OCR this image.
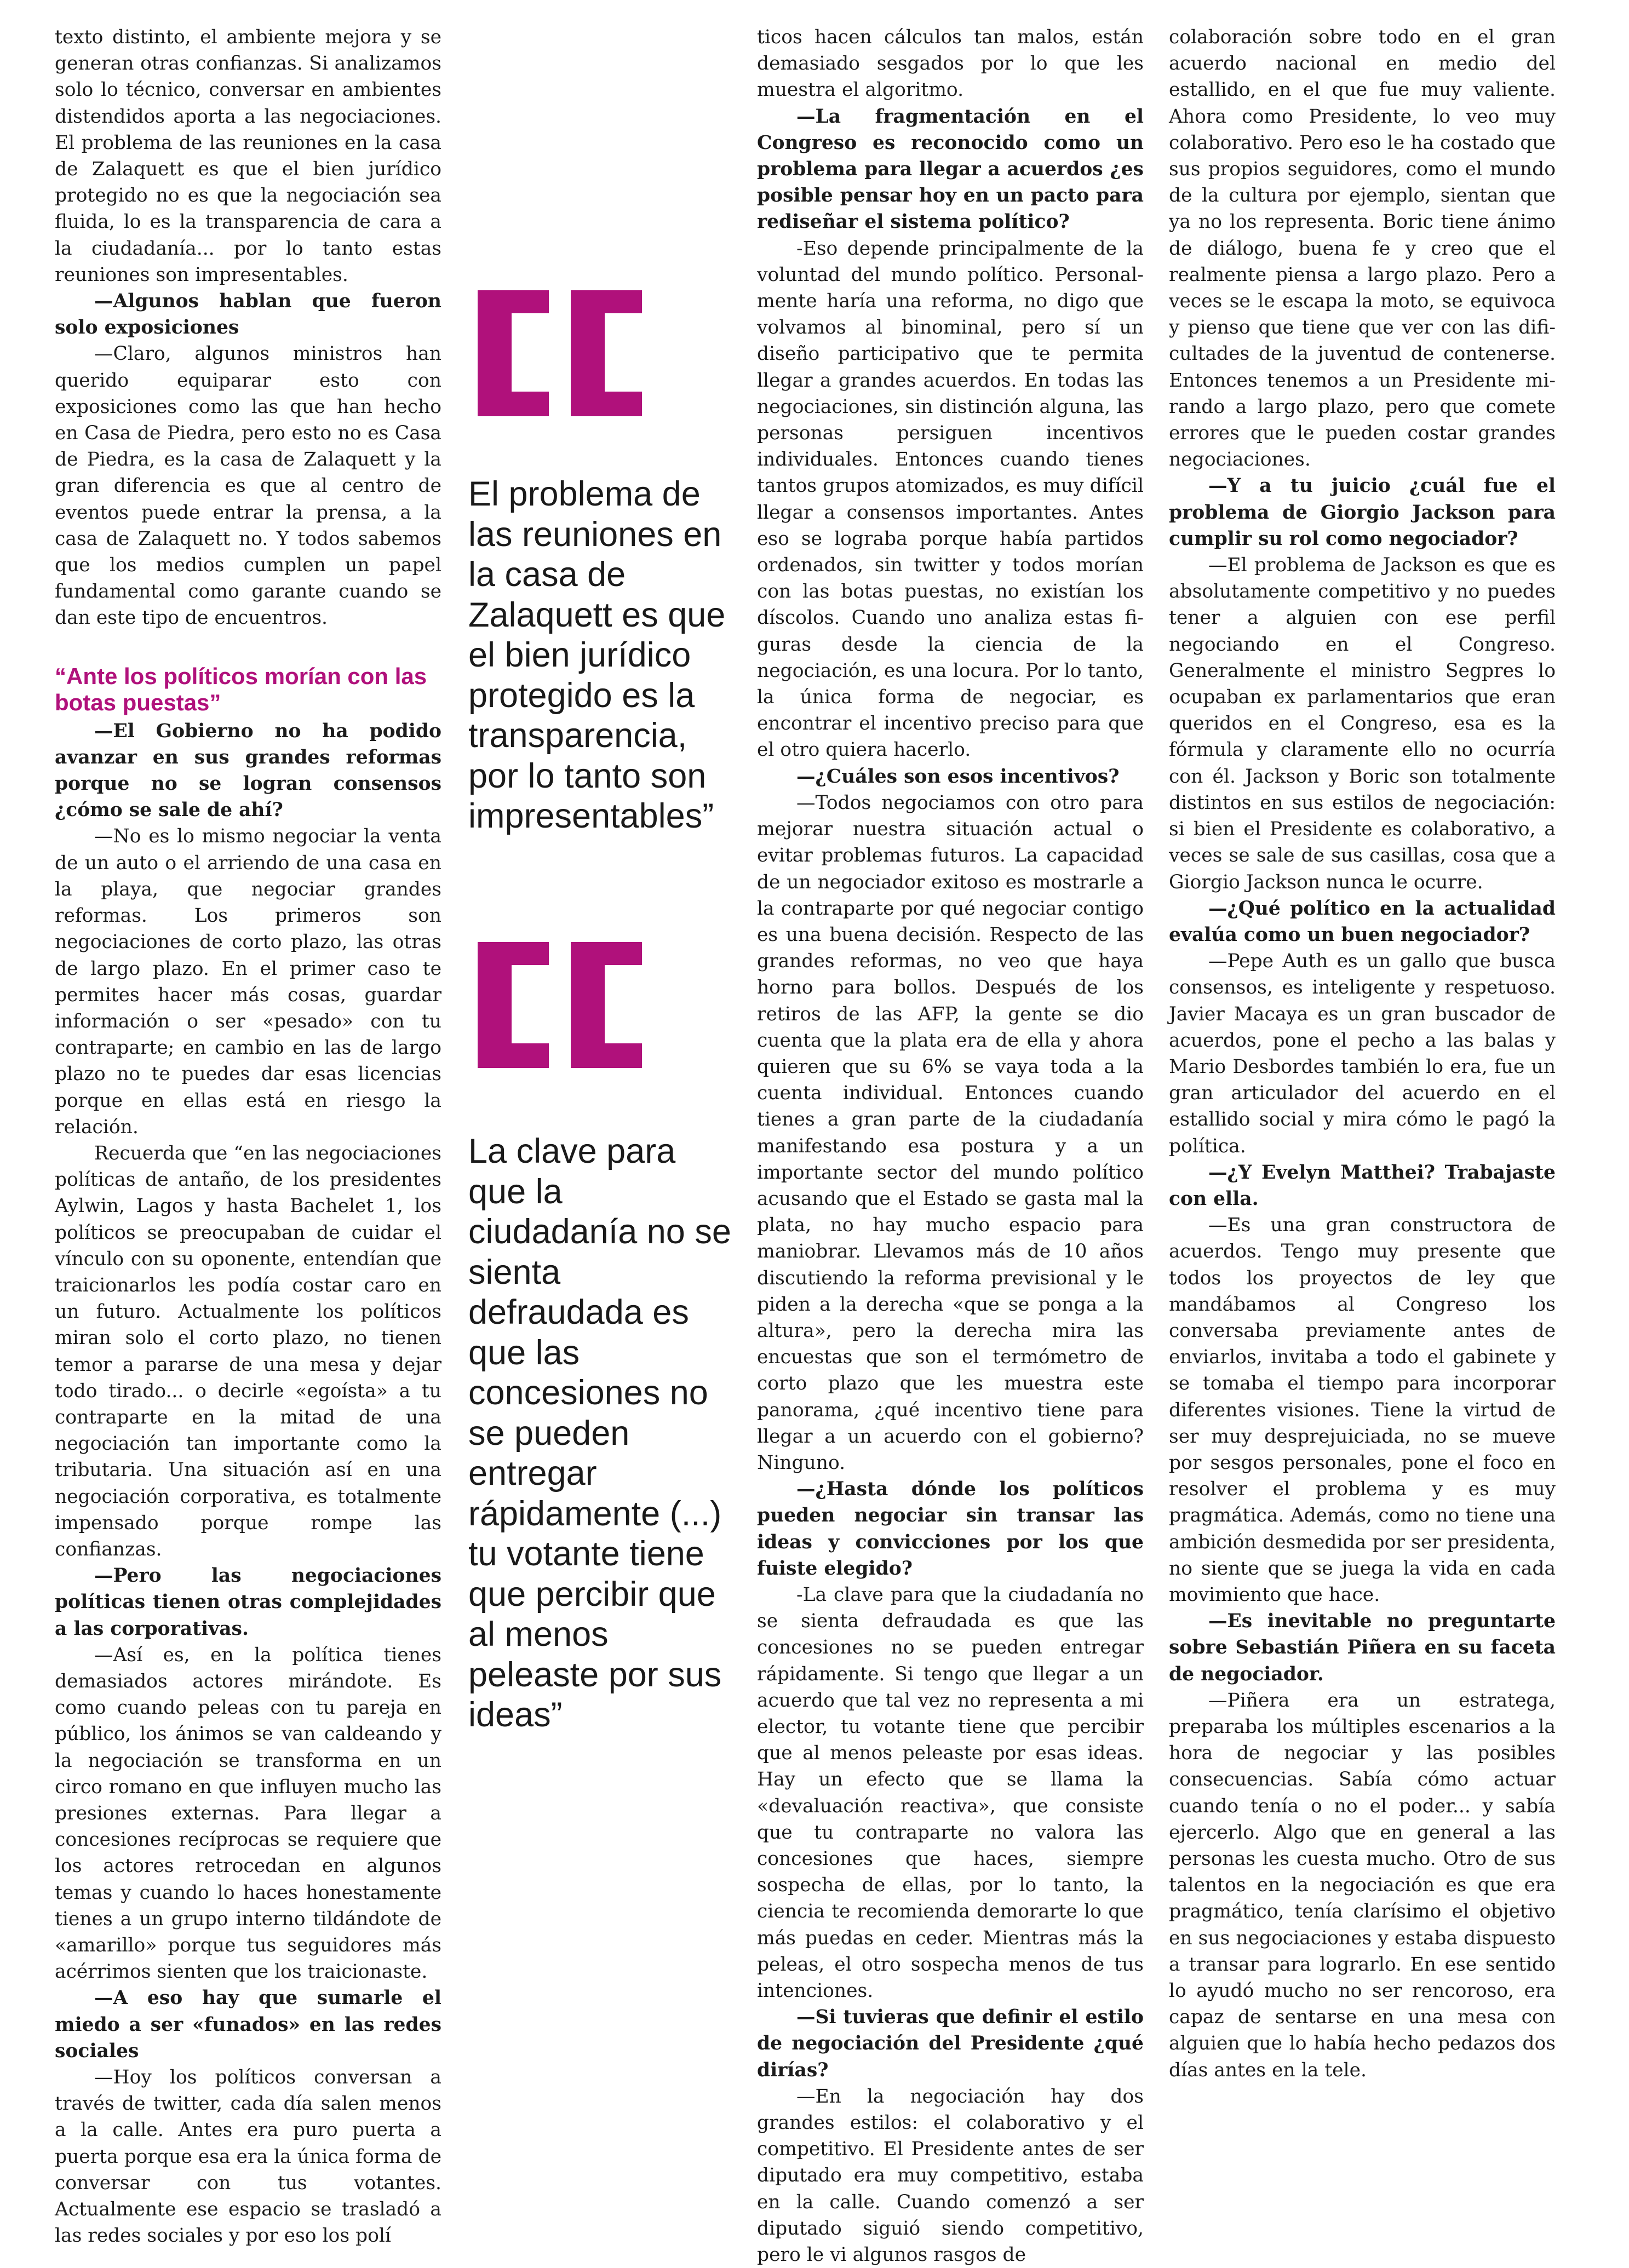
texto distinto, el ambiente mejora y se generan otras confianzas. Si analizamos solo lo técnico, conversar en ambientes distendidos aporta a las negociaciones. El problema de las reuniones en la casa de Zalaquett es que el bien jurídico protegido no es que la negociación sea fluida, lo es la transparencia de cara a la ciudadanía... por lo tanto estas reuniones son impresentables.

—Algunos hablan que fueron solo exposiciones

—Claro, algunos ministros han querido equiparar esto con exposiciones como las que han hecho en Casa de Piedra, pero esto no es Casa de Piedra, es la casa de Zalaquett y la gran diferencia es que al centro de eventos puede entrar la prensa, a la casa de Zalaquett no. Y todos sabemos que los medios cumplen un papel fundamental como garante cuando se dan este tipo de encuentros.

“Ante los políticos morían con las botas puestas”

—El Gobierno no ha podido avanzar en sus grandes reformas porque no se logran consensos ¿cómo se sale de ahí?

—No es lo mismo negociar la venta de un auto o el arriendo de una casa en la playa, que negociar grandes reformas. Los primeros son negociaciones de corto plazo, las otras de largo plazo. En el primer caso te permites hacer más cosas, guardar información o ser «pesado» con tu contraparte; en cambio en las de largo plazo no te puedes dar esas licencias porque en ellas está en riesgo la relación.

Recuerda que “en las negociaciones políticas de antaño, de los presidentes Aylwin, Lagos y hasta Bachelet 1, los políticos se preocupaban de cuidar el vínculo con su oponente, entendían que traicionarlos les podía costar caro en un futuro. Actualmente los políticos miran solo el corto plazo, no tienen temor a pararse de una mesa y dejar todo tirado... o decirle «egoísta» a tu contraparte en la mitad de una negociación tan importante como la tributaria. Una situación así en una negociación corporativa, es totalmente impensado porque rompe las confianzas.

—Pero las negociaciones políticas tienen otras complejidades a las corporativas.

—Así es, en la política tienes demasiados actores mirándote. Es como cuando peleas con tu pareja en público, los ánimos se van caldeando y la negociación se transforma en un circo romano en que influyen mucho las presiones externas. Para llegar a concesiones recíprocas se requiere que los actores retrocedan en algunos temas y cuando lo haces honestamente tienes a un grupo interno tildándote de «amarillo» porque tus seguidores más acérrimos sienten que los traicionaste.

—A eso hay que sumarle el miedo a ser «funados» en las redes sociales

—Hoy los políticos conversan a través de twitter, cada día salen menos a la calle. Antes era puro puerta a puerta porque esa era la única forma de conversar con tus votantes. Actualmente ese espacio se trasladó a las redes sociales y por eso los polí

El problema de las reuniones en la casa de Zalaquett es que el bien jurídico protegido es la transparencia, por lo tanto son impresentables”
La clave para que la ciudadanía no se sienta defraudada es que las concesiones no se pueden entregar rápidamente (...) tu votante tiene que percibir que al menos peleaste por sus ideas”

ticos hacen cálculos tan malos, están demasiado sesgados por lo que les muestra el algoritmo.

—La fragmentación en el Congreso es reconocido como un problema para llegar a acuerdos ¿es posible pensar hoy en un pacto para rediseñar el sistema político?

-Eso depende principalmente de la voluntad del mundo político. Personalmente haría una reforma, no digo que volvamos al binominal, pero sí un diseño participativo que te permita llegar a grandes acuerdos. En todas las negociaciones, sin distinción alguna, las personas persiguen incentivos individuales. Entonces cuando tienes tantos grupos atomizados, es muy difícil llegar a consensos importantes. Antes eso se lograba porque había partidos ordenados, sin twitter y todos morían con las botas puestas, no existían los díscolos. Cuando uno analiza estas figuras desde la ciencia de la negociación, es una locura. Por lo tanto, la única forma de negociar, es encontrar el incentivo preciso para que el otro quiera hacerlo.

—¿Cuáles son esos incentivos?

—Todos negociamos con otro para mejorar nuestra situación actual o evitar problemas futuros. La capacidad de un negociador exitoso es mostrarle a la contraparte por qué negociar contigo es una buena decisión. Respecto de las grandes reformas, no veo que haya horno para bollos. Después de los retiros de las AFP, la gente se dio cuenta que la plata era de ella y ahora quieren que su 6% se vaya toda a la cuenta individual. Entonces cuando tienes a gran parte de la ciudadanía manifestando esa postura y a un importante sector del mundo político acusando que el Estado se gasta mal la plata, no hay mucho espacio para maniobrar. Llevamos más de 10 años discutiendo la reforma previsional y le piden a la derecha «que se ponga a la altura», pero la derecha mira las encuestas que son el termómetro de corto plazo que les muestra este panorama, ¿qué incentivo tiene para llegar a un acuerdo con el gobierno? Ninguno.

—¿Hasta dónde los políticos pueden negociar sin transar las ideas y convicciones por los que fuiste elegido?

-La clave para que la ciudadanía no se sienta defraudada es que las concesiones no se pueden entregar rápidamente. Si tengo que llegar a un acuerdo que tal vez no representa a mi elector, tu votante tiene que percibir que al menos peleaste por esas ideas. Hay un efecto que se llama la «devaluación reactiva», que consiste que tu contraparte no valora las concesiones que haces, siempre sospecha de ellas, por lo tanto, la ciencia te recomienda demorarte lo que más puedas en ceder. Mientras más la peleas, el otro sospecha menos de tus intenciones.

—Si tuvieras que definir el estilo de negociación del Presidente ¿qué dirías?

—En la negociación hay dos grandes estilos: el colaborativo y el competitivo. El Presidente antes de ser diputado era muy competitivo, estaba en la calle. Cuando comenzó a ser diputado siguió siendo competitivo, pero le vi algunos rasgos de

colaboración sobre todo en el gran acuerdo nacional en medio del estallido, en el que fue muy valiente. Ahora como Presidente, lo veo muy colaborativo. Pero eso le ha costado que sus propios seguidores, como el mundo de la cultura por ejemplo, sientan que ya no los representa. Boric tiene ánimo de diálogo, buena fe y creo que el realmente piensa a largo plazo. Pero a veces se le escapa la moto, se equivoca y pienso que tiene que ver con las dificultades de la juventud de contenerse. Entonces tenemos a un Presidente mirando a largo plazo, pero que comete errores que le pueden costar grandes negociaciones.

—Y a tu juicio ¿cuál fue el problema de Giorgio Jackson para cumplir su rol como negociador?

—El problema de Jackson es que es absolutamente competitivo y no puedes tener a alguien con ese perfil negociando en el Congreso. Generalmente el ministro Segpres lo ocupaban ex parlamentarios que eran queridos en el Congreso, esa es la fórmula y claramente ello no ocurría con él. Jackson y Boric son totalmente distintos en sus estilos de negociación: si bien el Presidente es colaborativo, a veces se sale de sus casillas, cosa que a Giorgio Jackson nunca le ocurre.

—¿Qué político en la actualidad evalúa como un buen negociador?

—Pepe Auth es un gallo que busca consensos, es inteligente y respetuoso. Javier Macaya es un gran buscador de acuerdos, pone el pecho a las balas y Mario Desbordes también lo era, fue un gran articulador del acuerdo en el estallido social y mira cómo le pagó la política.

—¿Y Evelyn Matthei? Trabajaste con ella.

—Es una gran constructora de acuerdos. Tengo muy presente que todos los proyectos de ley que mandábamos al Congreso los conversaba previamente antes de enviarlos, invitaba a todo el gabinete y se tomaba el tiempo para incorporar diferentes visiones. Tiene la virtud de ser muy desprejuiciada, no se mueve por sesgos personales, pone el foco en resolver el problema y es muy pragmática. Además, como no tiene una ambición desmedida por ser presidenta, no siente que se juega la vida en cada movimiento que hace.

—Es inevitable no preguntarte sobre Sebastián Piñera en su faceta de negociador.

—Piñera era un estratega, preparaba los múltiples escenarios a la hora de negociar y las posibles consecuencias. Sabía cómo actuar cuando tenía o no el poder... y sabía ejercerlo. Algo que en general a las personas les cuesta mucho. Otro de sus talentos en la negociación es que era pragmático, tenía clarísimo el objetivo en sus negociaciones y estaba dispuesto a transar para lograrlo. En ese sentido lo ayudó mucho no ser rencoroso, era capaz de sentarse en una mesa con alguien que lo había hecho pedazos dos días antes en la tele.
